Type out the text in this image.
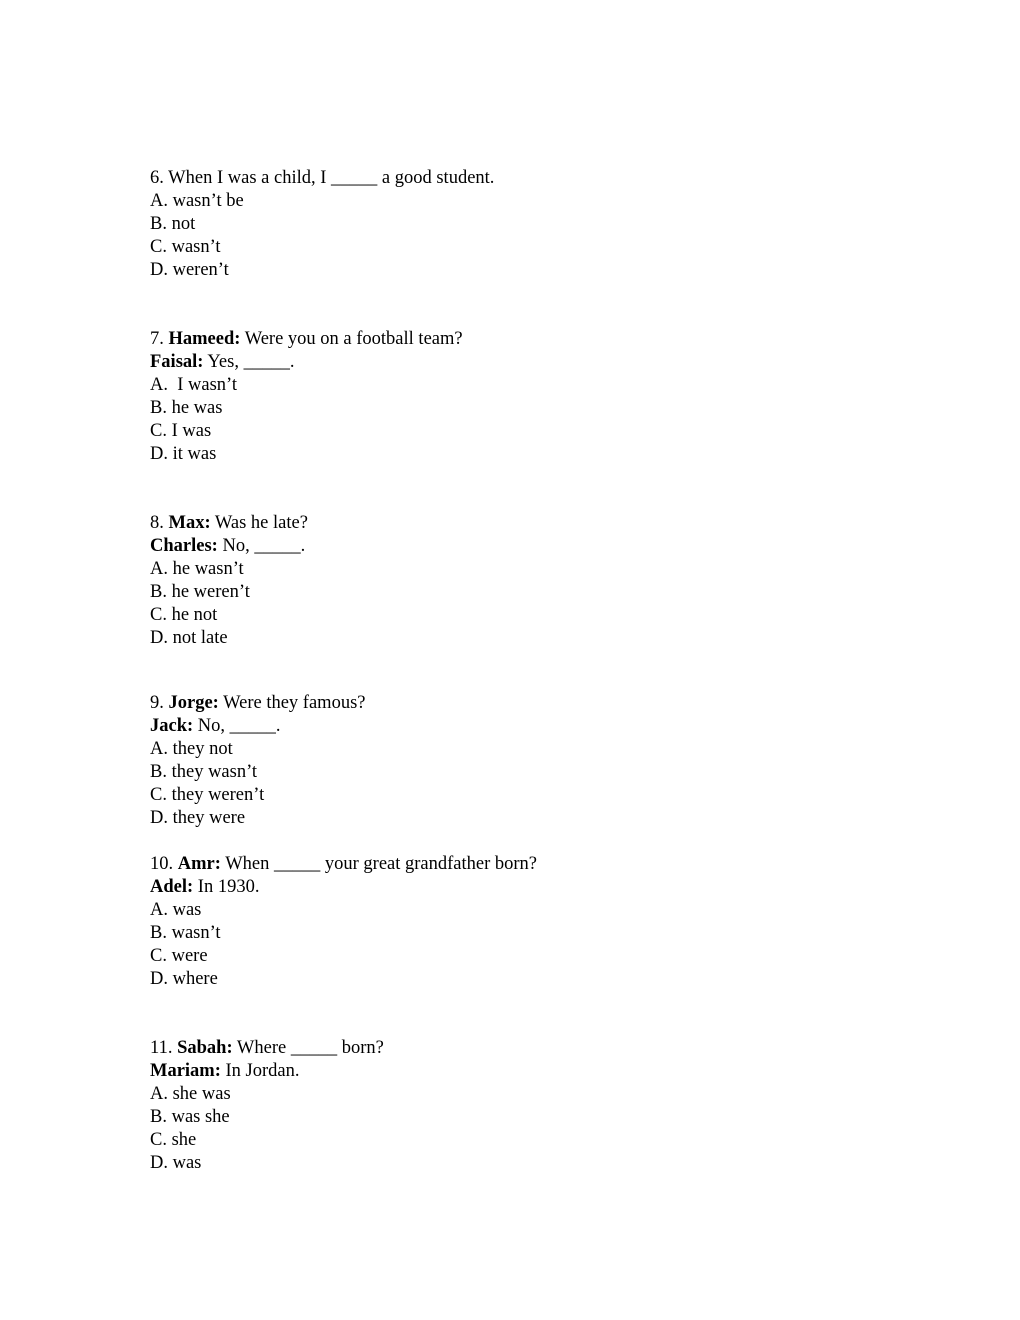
6. When I was a child, I _____ a good student.
A. wasn’t be
B. not
C. wasn’t
D. weren’t
7. Hameed: Were you on a football team?
Faisal: Yes, _____.
A.  I wasn’t
B. he was
C. I was
D. it was
8. Max: Was he late?
Charles: No, _____.
A. he wasn’t
B. he weren’t
C. he not
D. not late
9. Jorge: Were they famous?
Jack: No, _____.
A. they not
B. they wasn’t
C. they weren’t
D. they were
10. Amr: When _____ your great grandfather born?
Adel: In 1930.
A. was
B. wasn’t
C. were
D. where
11. Sabah: Where _____ born?
Mariam: In Jordan.
A. she was
B. was she
C. she
D. was
